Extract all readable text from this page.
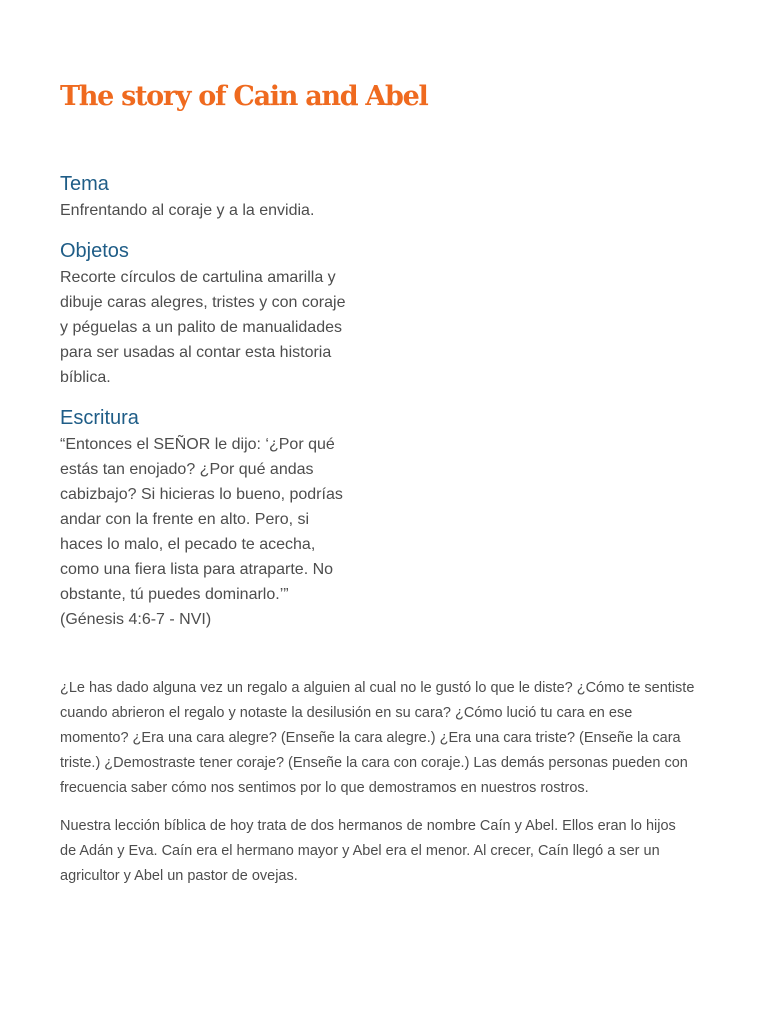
The story of Cain and Abel
Tema

Enfrentando al coraje y a la envidia.

Objetos

Recorte círculos de cartulina amarilla y
dibuje caras alegres, tristes y con coraje
y péguelas a un palito de manualidades
para ser usadas al contar esta historia
bíblica.

Escritura

“Entonces el SEÑOR le dijo: ‘¿Por qué
estás tan enojado? ¿Por qué andas
cabizbajo? Si hicieras lo bueno, podrías
andar con la frente en alto. Pero, si
haces lo malo, el pecado te acecha,
como una fiera lista para atraparte. No
obstante, tú puedes dominarlo.’”
(Génesis 4:6-7 - NVI)

¿Le has dado alguna vez un regalo a alguien al cual no le gustó lo que le diste? ¿Cómo te sentiste
cuando abrieron el regalo y notaste la desilusión en su cara? ¿Cómo lució tu cara en ese
momento? ¿Era una cara alegre? (Enseñe la cara alegre.) ¿Era una cara triste? (Enseñe la cara
triste.) ¿Demostraste tener coraje? (Enseñe la cara con coraje.) Las demás personas pueden con
frecuencia saber cómo nos sentimos por lo que demostramos en nuestros rostros.

Nuestra lección bíblica de hoy trata de dos hermanos de nombre Caín y Abel. Ellos eran lo hijos
de Adán y Eva. Caín era el hermano mayor y Abel era el menor. Al crecer, Caín llegó a ser un
agricultor y Abel un pastor de ovejas.
